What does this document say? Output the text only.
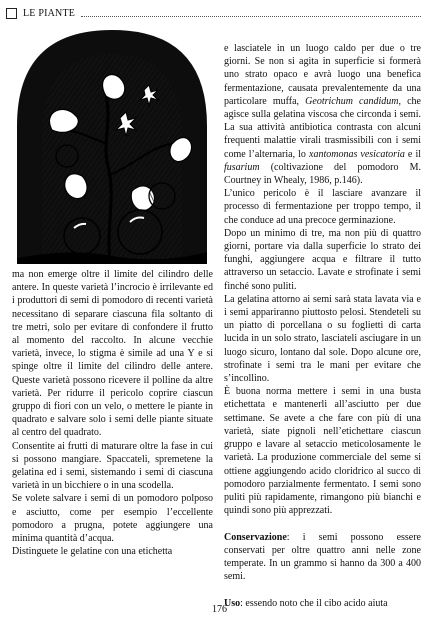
LE PIANTE

ma non emerge oltre il limite del cilindro delle antere. In queste varietà l’incrocio è irrilevante ed i produttori di semi di pomodoro di recenti varietà necessitano di separare ciascuna fila soltanto di tre metri, solo per evitare di confondere il frutto al momento del raccolto. In alcune vecchie varietà, invece, lo stigma è simile ad una Y e si spinge oltre il limite del cilindro delle antere. Queste varietà possono ricevere il polline da altre varietà. Per ridurre il pericolo coprire ciascun gruppo di fiori con un velo, o mettere le piante in quadrato e salvare solo i semi delle piante situate al centro del quadrato.

Consentite ai frutti di maturare oltre la fase in cui si possono mangiare. Spaccateli, spremetene la gelatina ed i semi, sistemando i semi di ciascuna varietà in un bicchiere o in una scodella.

Se volete salvare i semi di un pomodoro polposo e asciutto, come per esempio l’eccellente pomodoro a prugna, potete aggiungere una minima quantità d’acqua.

Distinguete le gelatine con una etichetta

e lasciatele in un luogo caldo per due o tre giorni. Se non si agita in superficie si formerà uno strato opaco e avrà luogo una benefica fermentazione, causata prevalentemente da una particolare muffa, Geotrichum candidum, che agisce sulla gelatina viscosa che circonda i semi. La sua attività antibiotica contrasta con alcuni frequenti malattie virali trasmissibili con i semi come l’alternaria, lo xantomonas vesicatoria e il fusarium (coltivazione del pomodoro M. Courtney in Whealy, 1986, p.146).

L’unico pericolo è il lasciare avanzare il processo di fermentazione per troppo tempo, il che conduce ad una precoce germinazione.

Dopo un minimo di tre, ma non più di quattro giorni, portare via dalla superficie lo strato dei funghi, aggiungere acqua e filtrare il tutto attraverso un setaccio. Lavate e strofinate i semi finché sono puliti.

La gelatina attorno ai semi sarà stata lavata via e i semi appariranno piuttosto pelosi. Stendeteli su un piatto di porcellana o su foglietti di carta lucida in un solo strato, lasciateli asciugare in un luogo sicuro, lontano dal sole. Dopo alcune ore, strofinate i semi tra le mani per evitare che s’incollino.

È buona norma mettere i semi in una busta etichettata e mantenerli all’asciutto per due settimane. Se avete a che fare con più di una varietà, siate pignoli nell’etichettare ciascun gruppo e lavare al setaccio meticolosamente le varietà. La produzione commerciale del seme si ottiene aggiungendo acido cloridrico al succo di pomodoro parzialmente fermentato. I semi sono puliti più rapidamente, rimangono più bianchi e quindi sono più apprezzati.

Conservazione: i semi possono essere conservati per oltre quattro anni nelle zone temperate. In un grammo si hanno da 300 a 400 semi.

Uso: essendo noto che il cibo acido aiuta

176
